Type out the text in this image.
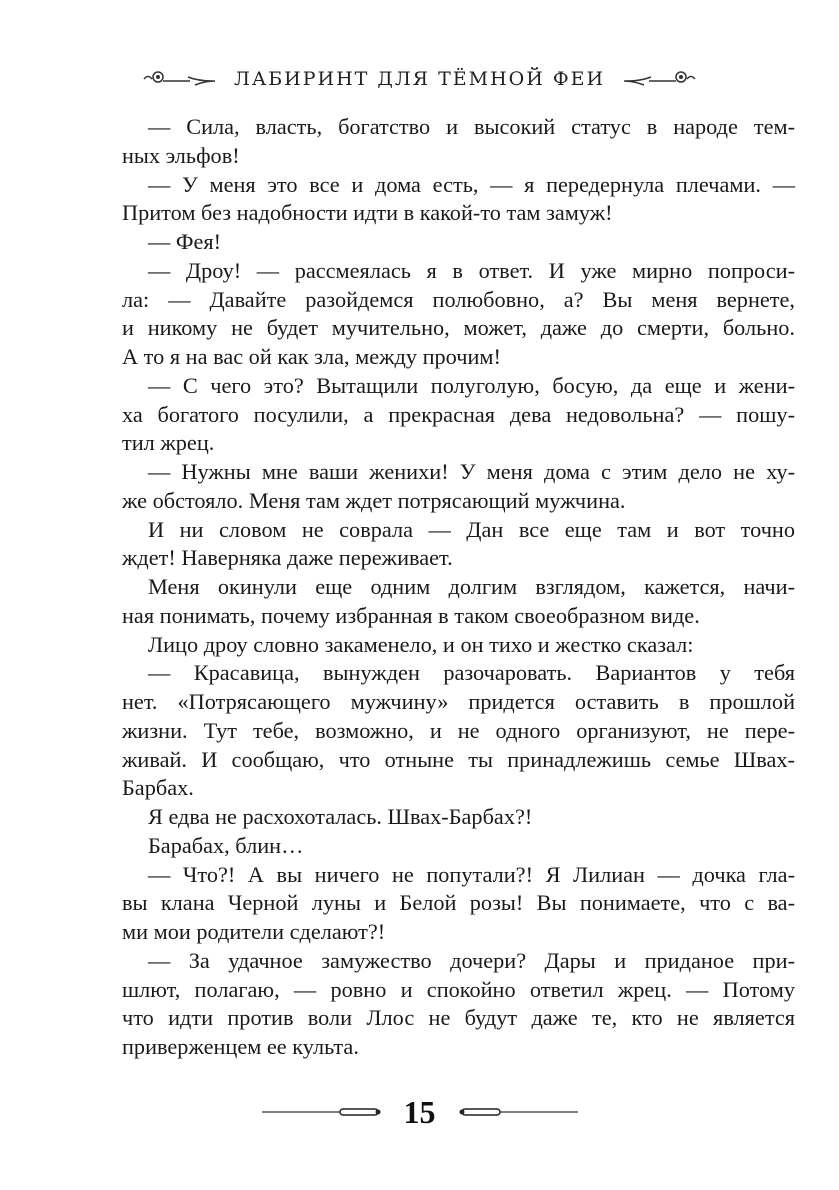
ЛАБИРИНТ ДЛЯ ТЁМНОЙ ФЕИ
— Сила, власть, богатство и высокий статус в народе тем-
ных эльфов!
— У меня это все и дома есть, — я передернула плечами. —
Притом без надобности идти в какой-то там замуж!
— Фея!
— Дроу! — рассмеялась я в ответ. И уже мирно попроси-
ла: — Давайте разойдемся полюбовно, а? Вы меня вернете,
и никому не будет мучительно, может, даже до смерти, больно.
А то я на вас ой как зла, между прочим!
— С чего это? Вытащили полуголую, босую, да еще и жени-
ха богатого посулили, а прекрасная дева недовольна? — пошу-
тил жрец.
— Нужны мне ваши женихи! У меня дома с этим дело не ху-
же обстояло. Меня там ждет потрясающий мужчина.
И ни словом не соврала — Дан все еще там и вот точно
ждет! Наверняка даже переживает.
Меня окинули еще одним долгим взглядом, кажется, начи-
ная понимать, почему избранная в таком своеобразном виде.
Лицо дроу словно закаменело, и он тихо и жестко сказал:
— Красавица, вынужден разочаровать. Вариантов у тебя
нет. «Потрясающего мужчину» придется оставить в прошлой
жизни. Тут тебе, возможно, и не одного организуют, не пере-
живай. И сообщаю, что отныне ты принадлежишь семье Швах-
Барбах.
Я едва не расхохоталась. Швах-Барбах?!
Барабах, блин…
— Что?! А вы ничего не попутали?! Я Лилиан — дочка гла-
вы клана Черной луны и Белой розы! Вы понимаете, что с ва-
ми мои родители сделают?!
— За удачное замужество дочери? Дары и приданое при-
шлют, полагаю, — ровно и спокойно ответил жрец. — Потому
что идти против воли Ллос не будут даже те, кто не является
приверженцем ее культа.
15
